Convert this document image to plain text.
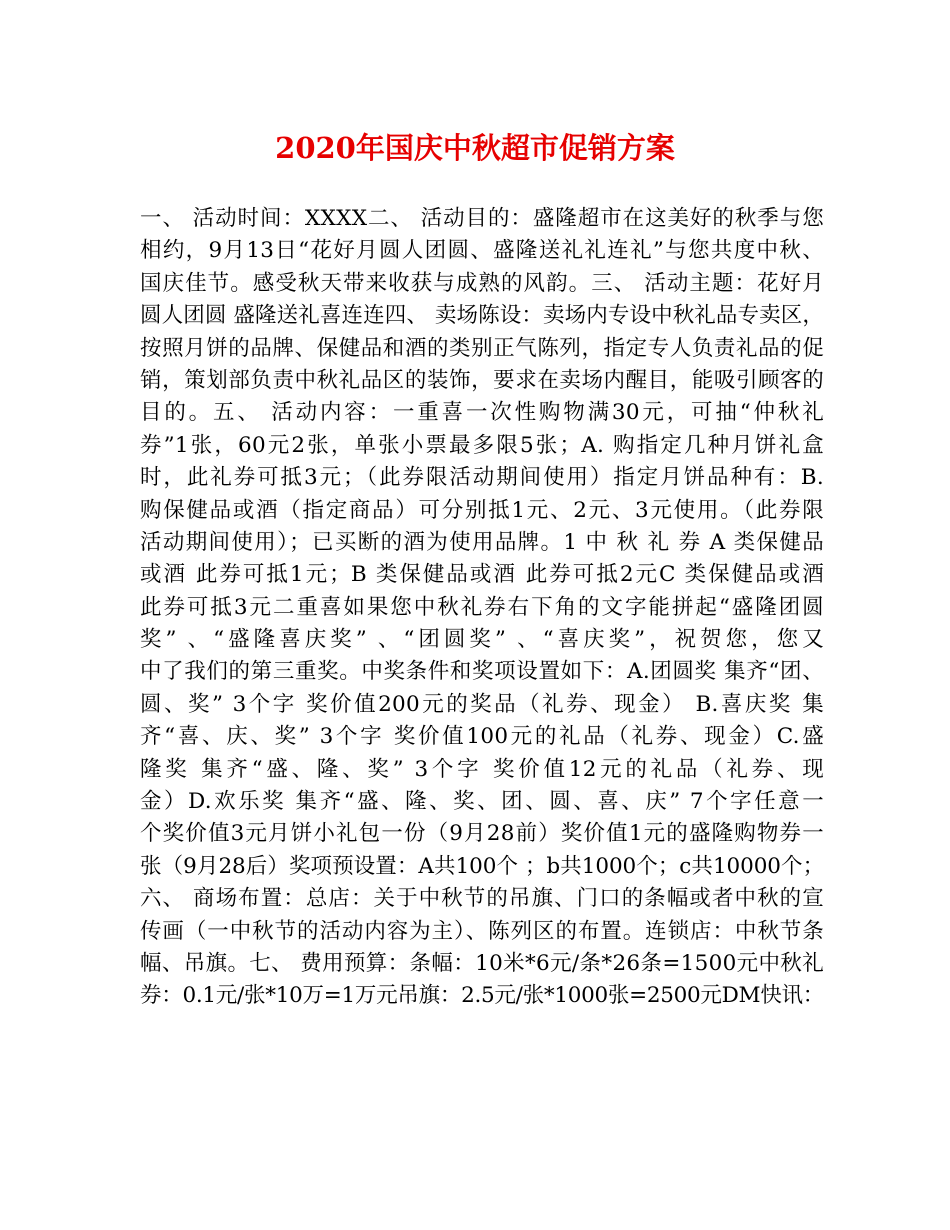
2020年国庆中秋超市促销方案
一、 活动时间：XXXX二、 活动目的：盛隆超市在这美好的秋季与您
相约，9月13日“花好月圆人团圆、盛隆送礼礼连礼”与您共度中秋、
国庆佳节。感受秋天带来收获与成熟的风韵。三、 活动主题：花好月
圆人团圆 盛隆送礼喜连连四、 卖场陈设：卖场内专设中秋礼品专卖区，
按照月饼的品牌、保健品和酒的类别正气陈列，指定专人负责礼品的促
销，策划部负责中秋礼品区的装饰，要求在卖场内醒目，能吸引顾客的
目的。五、 活动内容：一重喜一次性购物满30元，可抽“仲秋礼
券”1张，60元2张，单张小票最多限5张；A. 购指定几种月饼礼盒
时，此礼券可抵3元；（此券限活动期间使用）指定月饼品种有：B.
购保健品或酒（指定商品）可分别抵1元、2元、3元使用。（此券限
活动期间使用）；已买断的酒为使用品牌。1 中 秋 礼 券 A 类保健品
或酒 此券可抵1元；B 类保健品或酒 此券可抵2元C 类保健品或酒
此券可抵3元二重喜如果您中秋礼券右下角的文字能拼起“盛隆团圆
奖” 、“盛隆喜庆奖” 、“团圆奖” 、“喜庆奖”，祝贺您，您又
中了我们的第三重奖。中奖条件和奖项设置如下：A.团圆奖 集齐“团、
圆、奖” 3个字 奖价值200元的奖品（礼券、现金） B.喜庆奖 集
齐“喜、庆、奖” 3个字 奖价值100元的礼品（礼券、现金）C.盛
隆奖 集齐“盛、隆、奖” 3个字 奖价值12元的礼品（礼券、现
金）D.欢乐奖 集齐“盛、隆、奖、团、圆、喜、庆” 7个字任意一
个奖价值3元月饼小礼包一份（9月28前）奖价值1元的盛隆购物券一
张（9月28后）奖项预设置：A共100个 ；b共1000个；c共10000个；
六、 商场布置：总店：关于中秋节的吊旗、门口的条幅或者中秋的宣
传画（一中秋节的活动内容为主）、陈列区的布置。连锁店：中秋节条
幅、吊旗。七、 费用预算：条幅：10米*6元/条*26条=1500元中秋礼
券：0.1元/张*10万=1万元吊旗：2.5元/张*1000张=2500元DM快讯：
